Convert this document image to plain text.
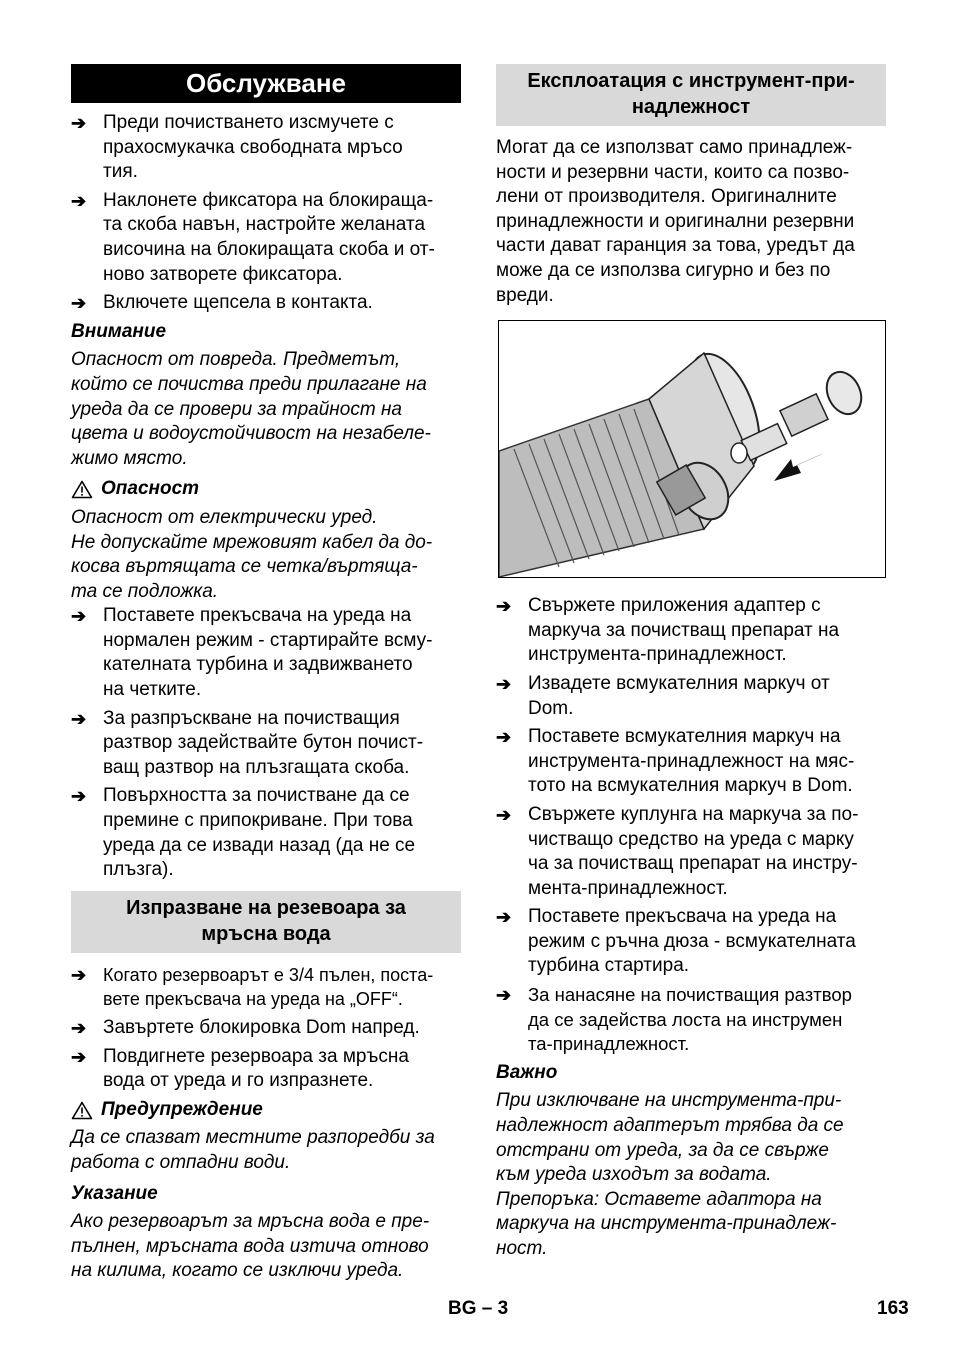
Обслужване
➔ Преди почистването изсмучете с
прахосмукачка свободната мръсо
тия.
➔ Наклонете фиксатора на блокираща-
та скоба навън, настройте желаната
височина на блокиращата скоба и от-
ново затворете фиксатора.
➔ Включете щепсела в контакта.
Внимание
Опасност от повреда. Предметът,
който се почиства преди прилагане на
уреда да се провери за трайност на
цвета и водоустойчивост на незабеле-
жимо място.
Опасност
Опасност от електрически уред.
Не допускайте мрежовият кабел да до-
косва въртящата се четка/въртяща-
та се подложка.
➔ Поставете прекъсвача на уреда на
нормален режим - стартирайте всму-
кателната турбина и задвижването
на четките.
➔ За разпръскване на почистващия
разтвор задействайте бутон почист-
ващ разтвор на плъзгащата скоба.
➔ Повърхността за почистване да се
премине с припокриване. При това
уреда да се извади назад (да не се
плъзга).
Изпразване на резевоара за
мръсна вода
➔ Когато резервоарът е 3/4 пълен, поста-
вете прекъсвача на уреда на „OFF“.
➔ Завъртете блокировка Dom напред.
➔ Повдигнете резервоара за мръсна
вода от уреда и го изпразнете.
Предупреждение
Да се спазват местните разпоредби за
работа с отпадни води.
Указание
Ако резервоарът за мръсна вода е пре-
пълнен, мръсната вода изтича отново
на килима, когато се изключи уреда.
Експлоатация с инструмент-при-
надлежност
Могат да се използват само принадлеж-
ности и резервни части, които са позво-
лени от производителя. Оригиналните
принадлежности и оригинални резервни
части дават гаранция за това, уредът да
може да се използва сигурно и без по
вреди.
➔ Свържете приложения адаптер с
маркуча за почистващ препарат на
инструмента-принадлежност.
➔ Извадете всмукателния маркуч от
Dom.
➔ Поставете всмукателния маркуч на
инструмента-принадлежност на мяс-
тото на всмукателния маркуч в Dom.
➔ Свържете куплунга на маркуча за по-
чистващо средство на уреда с марку
ча за почистващ препарат на инстру-
мента-принадлежност.
➔ Поставете прекъсвача на уреда на
режим с ръчна дюза - всмукателната
турбина стартира.
➔ За нанасяне на почистващия разтвор
да се задейства лоста на инструмен
та-принадлежност.
Важно
При изключване на инструмента-при-
надлежност адаптерът трябва да се
отстрани от уреда, за да се свърже
към уреда изходът за водата.
Препоръка: Оставете адаптора на
маркуча на инструмента-принадлеж-
ност.
BG – 3	163
